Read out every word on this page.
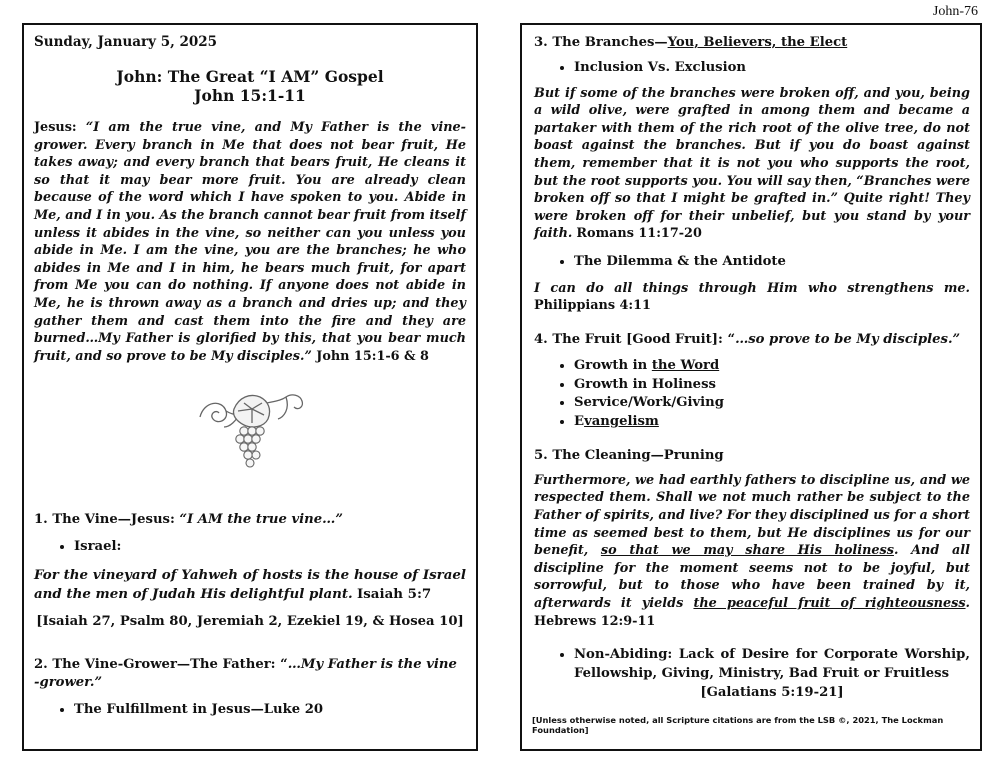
John-76

Sunday, January 5, 2025

John: The Great “I AM” Gospel
John 15:1-11

Jesus: “I am the true vine, and My Father is the vine-grower. Every branch in Me that does not bear fruit, He takes away; and every branch that bears fruit, He cleans it so that it may bear more fruit. You are already clean because of the word which I have spoken to you. Abide in Me, and I in you. As the branch cannot bear fruit from itself unless it abides in the vine, so neither can you unless you abide in Me. I am the vine, you are the branches; he who abides in Me and I in him, he bears much fruit, for apart from Me you can do nothing. If anyone does not abide in Me, he is thrown away as a branch and dries up; and they gather them and cast them into the fire and they are burned…My Father is glorified by this, that you bear much fruit, and so prove to be My disciples.” John 15:1-6 & 8

1. The Vine—Jesus: “I AM the true vine…”

• Israel:

For the vineyard of Yahweh of hosts is the house of Israel and the men of Judah His delightful plant. Isaiah 5:7

[Isaiah 27, Psalm 80, Jeremiah 2, Ezekiel 19, & Hosea 10]

2. The Vine-Grower—The Father: “…My Father is the vine -grower.”

• The Fulfillment in Jesus—Luke 20

3. The Branches—You, Believers, the Elect

• Inclusion Vs. Exclusion

But if some of the branches were broken off, and you, being a wild olive, were grafted in among them and became a partaker with them of the rich root of the olive tree, do not boast against the branches. But if you do boast against them, remember that it is not you who supports the root, but the root supports you. You will say then, “Branches were broken off so that I might be grafted in.” Quite right! They were broken off for their unbelief, but you stand by your faith. Romans 11:17-20

• The Dilemma & the Antidote

I can do all things through Him who strengthens me. Philippians 4:11

4. The Fruit [Good Fruit]: “…so prove to be My disciples.”

• Growth in the Word
• Growth in Holiness
• Service/Work/Giving
• Evangelism

5. The Cleaning—Pruning

Furthermore, we had earthly fathers to discipline us, and we respected them. Shall we not much rather be subject to the Father of spirits, and live? For they disciplined us for a short time as seemed best to them, but He disciplines us for our benefit, so that we may share His holiness. And all discipline for the moment seems not to be joyful, but sorrowful, but to those who have been trained by it, afterwards it yields the peaceful fruit of righteousness. Hebrews 12:9-11

• Non-Abiding: Lack of Desire for Corporate Worship, Fellowship, Giving, Ministry, Bad Fruit or Fruitless

[Galatians 5:19-21]

[Unless otherwise noted, all Scripture citations are from the LSB ©, 2021, The Lockman Foundation]
